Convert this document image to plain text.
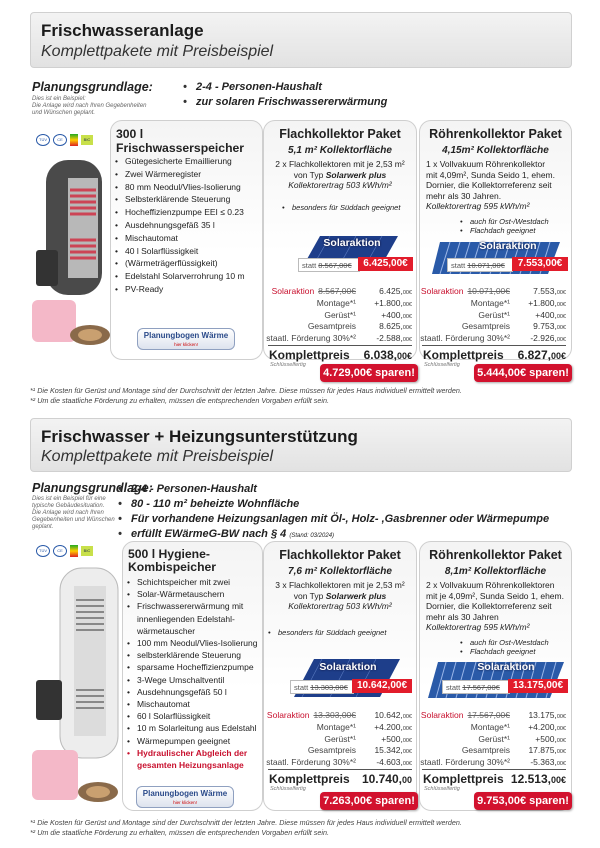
Frischwasseranlage
Komplettpakete mit Preisbeispiel
Planungsgrundlage:
Dies ist ein Beispiel:
Die Anlage wird nach Ihren Gegebenheiten
und Wünschen geplant.
• 2-4 - Personen-Haushalt
• zur solaren Frischwassererwärmung
TÜV	CE	BIC 300 l Frischwasserspeicher
• Gütegesicherte Emaillierung
• Zwei Wärmeregister
• 80 mm Neodul/Vlies-Isolierung
• Selbsterklärende Steuerung
• Hocheffizienzpumpe EEI ≤ 0.23
• Ausdehnungsgefäß 35 l
• Mischautomat
• 40 l Solarflüssigkeit
• (Wärmeträgerflüssigkeit)
• Edelstahl Solarverrohrung 10 m
• PV-Ready
Planungbogen Wärme
hier klicken!
Flachkollektor Paket
5,1 m² Kollektorfläche
2 x Flachkollektoren mit je 2,53 m²
von Typ Solarwerk plus
Kollektorertrag 503 kWh/m²
• besonders für Süddach geeignet
Solaraktion
statt 8.567,00€	6.425,00€
Solaraktion 8.567,00€	6.425,00€
Montage*¹ +1.800,00€
Gerüst*¹	+400,00€
Gesamtpreis	8.625,00€
staatl. Förderung 30%*² -2.588,00€
Komplettpreis	6.038,00€
Schlüsselfertig
4.729,00€ sparen!
Röhrenkollektor Paket
4,15m² Kollektorfläche
1 x Vollvakuum Röhrenkollektor
mit 4,09m², Sunda Seido 1, ehem.
Dornier, die Kollektorreferenz seit
mehr als 30 Jahren.
Kollektorertrag 595 kWh/m²
• auch für Ost-/Westdach
• Flachdach geeignet
Solaraktion
statt 10.071,00€	7.553,00€
Solaraktion 10.071,00€	7.553,00€
Montage*¹ +1.800,00€
Gerüst*¹	+400,00€
Gesamtpreis	9.753,00€
staatl. Förderung 30%*² -2.926,00€
Komplettpreis	6.827,00€
Schlüsselfertig
5.444,00€ sparen!
*¹ Die Kosten für Gerüst und Montage sind der Durchschnitt der letzten Jahre. Diese müssen für jedes Haus individuell ermittelt werden.
*² Um die staatliche Förderung zu erhalten, müssen die entsprechenden Vorgaben erfüllt sein.
Frischwasser + Heizungsunterstützung
Komplettpakete mit Preisbeispiel
Planungsgrundlage:
Dies ist ein Beispiel für eine
typische Gebäudesituation.
Die Anlage wird nach Ihren
Gegebenheiten und Wünschen
geplant.
• 2-4 - Personen-Haushalt
• 80 - 110 m² beheizte Wohnfläche
• Für vorhandene Heizungsanlagen mit Öl-, Holz- ,Gasbrenner oder Wärmepumpe
• erfüllt EWärmeG-BW nach § 4 (Stand: 03/2024)
TÜV	CE	BIC	500 l Hygiene-Kombispeicher
• Schichtspeicher mit zwei
• Solar-Wärmetauschern
• Frischwassererwärmung mit innenliegenden Edelstahl-wärmetauscher
• 100 mm Neodul/Vlies-Isolierung
• selbsterklärende Steuerung
• sparsame Hocheffizienzpumpe
• 3-Wege Umschaltventil
• Ausdehnungsgefäß 50 l
• Mischautomat
• 60 l Solarflüssigkeit
• 10 m Solarleitung aus Edelstahl
• Wärmepumpen geeignet
• Hydraulischer Abgleich der gesamten Heizungsanlage
Planungbogen Wärme
hier klicken!
Flachkollektor Paket
7,6 m² Kollektorfläche
3 x Flachkollektoren mit je 2,53 m²
von Typ Solarwerk plus
Kollektorertrag 503 kWh/m²
• besonders für Süddach geeignet
Solaraktion
statt 13.303,00€ 10.642,00€
Solaraktion 13.303,00€ 10.642,00€
Montage*¹ +4.200,00€
Gerüst*¹	+500,00€
Gesamtpreis 15.342,00€
staatl. Förderung 30%*² -4.603,00€
Komplettpreis	10.740,00
Schlüsselfertig
7.263,00€ sparen!
Röhrenkollektor Paket
8,1m² Kollektorfläche
2 x Vollvakuum Röhrenkollektoren
mit je 4,09m², Sunda Seido 1, ehem.
Dornier, die Kollektorreferenz seit
mehr als 30 Jahren
Kollektorertrag 595 kWh/m²
• auch für Ost-/Westdach
• Flachdach geeignet
Solaraktion
statt 17.567,00€	13.175,00€
Solaraktion 17.567,00€ 13.175,00€
Montage*¹ +4.200,00€
Gerüst*¹	+500,00€
Gesamtpreis 17.875,00€
staatl. Förderung 30%*² -5.363,00€
Komplettpreis 12.513,00€
Schlüsselfertig
9.753,00€ sparen!
*¹ Die Kosten für Gerüst und Montage sind der Durchschnitt der letzten Jahre. Diese müssen für jedes Haus individuell ermittelt werden.
*² Um die staatliche Förderung zu erhalten, müssen die entsprechenden Vorgaben erfüllt sein.
